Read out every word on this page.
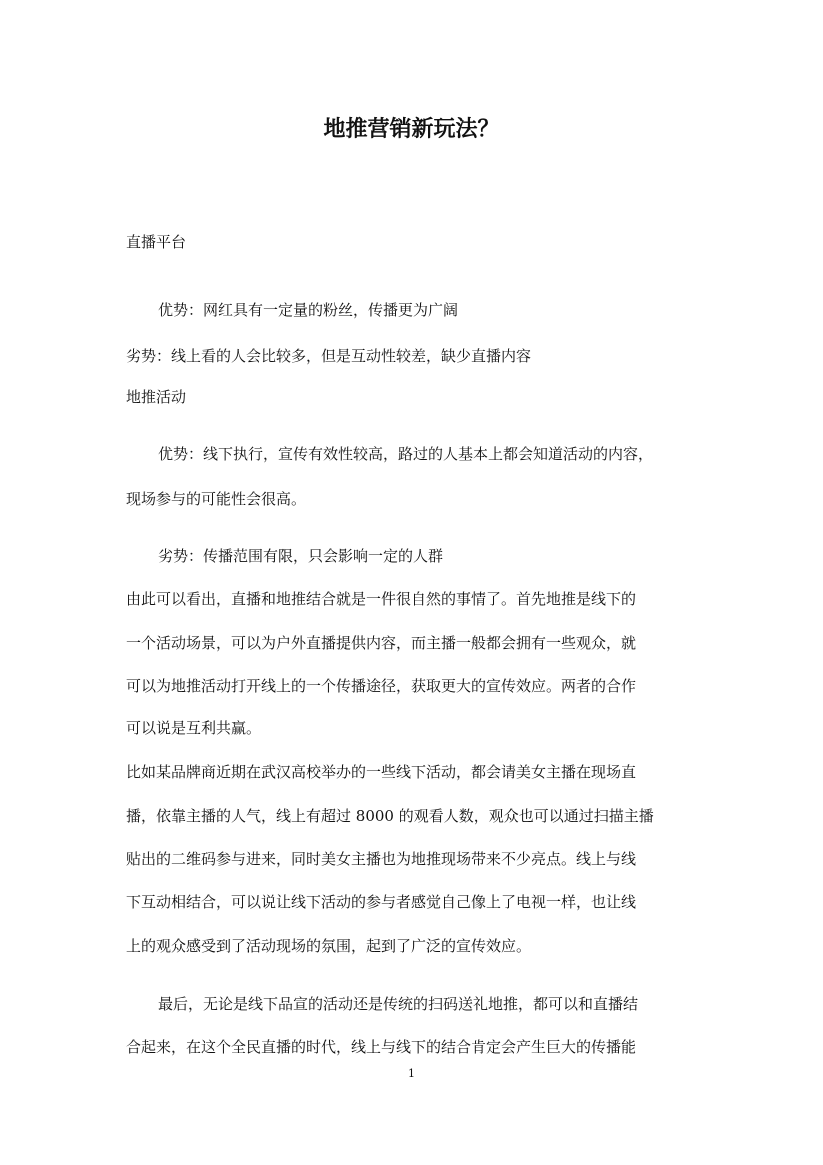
地推营销新玩法？

直播平台

优势：网红具有一定量的粉丝，传播更为广阔

劣势：线上看的人会比较多，但是互动性较差，缺少直播内容

地推活动

优势：线下执行，宣传有效性较高，路过的人基本上都会知道活动的内容，

现场参与的可能性会很高。

劣势：传播范围有限，只会影响一定的人群

由此可以看出，直播和地推结合就是一件很自然的事情了。首先地推是线下的

一个活动场景，可以为户外直播提供内容，而主播一般都会拥有一些观众，就

可以为地推活动打开线上的一个传播途径，获取更大的宣传效应。两者的合作

可以说是互利共赢。

比如某品牌商近期在武汉高校举办的一些线下活动，都会请美女主播在现场直

播，依靠主播的人气，线上有超过 8000 的观看人数，观众也可以通过扫描主播

贴出的二维码参与进来，同时美女主播也为地推现场带来不少亮点。线上与线

下互动相结合，可以说让线下活动的参与者感觉自己像上了电视一样，也让线

上的观众感受到了活动现场的氛围，起到了广泛的宣传效应。

最后，无论是线下品宣的活动还是传统的扫码送礼地推，都可以和直播结

合起来，在这个全民直播的时代，线上与线下的结合肯定会产生巨大的传播能

1
